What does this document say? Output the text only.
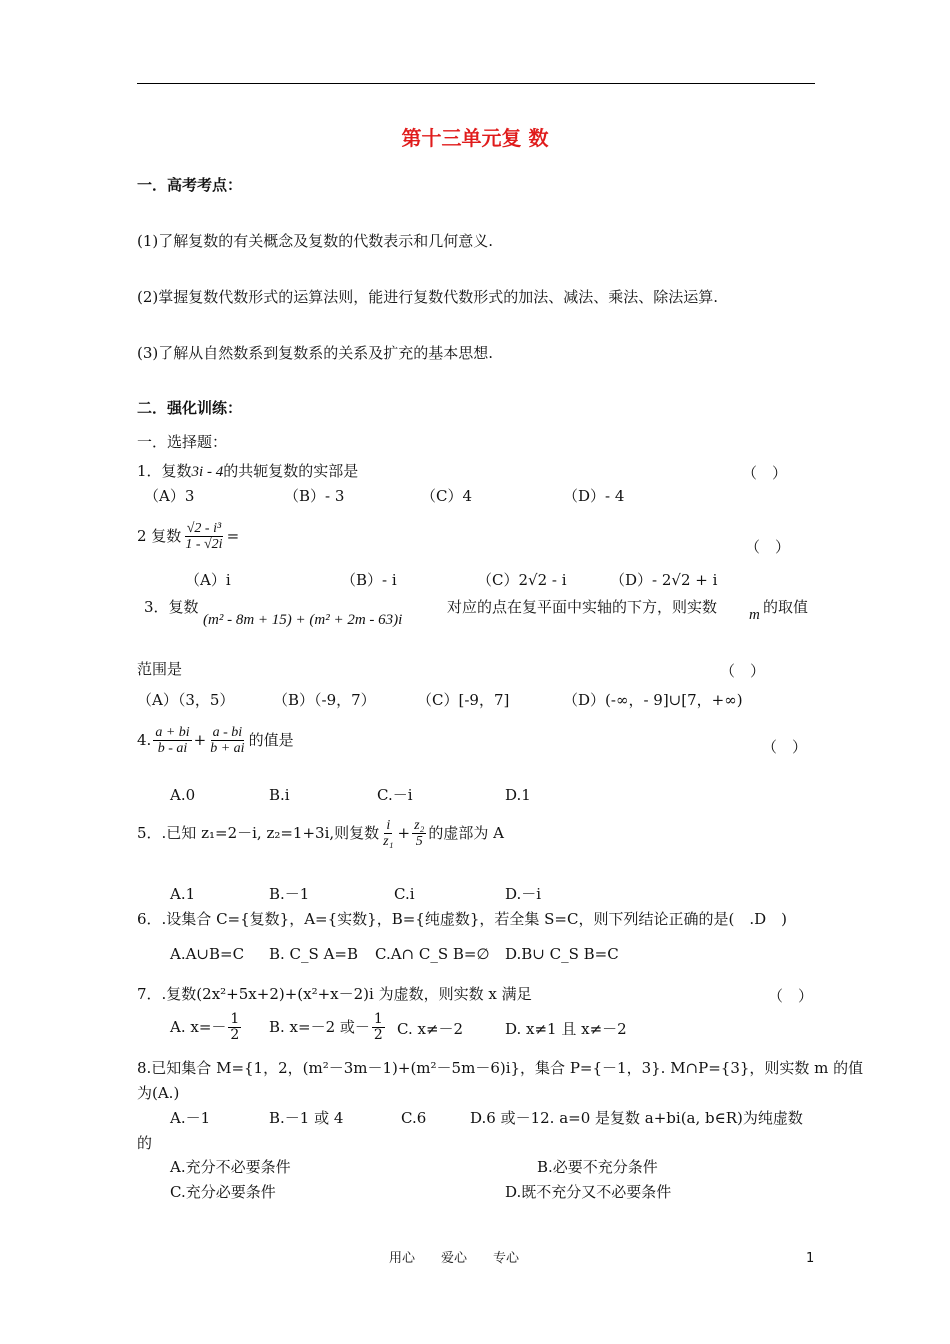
第十三单元复 数
一．高考考点：
(1)了解复数的有关概念及复数的代数表示和几何意义.
(2)掌握复数代数形式的运算法则，能进行复数代数形式的加法、减法、乘法、除法运算.
(3)了解从自然数系到复数系的关系及扩充的基本思想.
二．强化训练：
一．选择题：
1．复数3i - 4的共轭复数的实部是	（　）
（A）3	（B）- 3	（C）4	（D）- 4
2 复数 $\frac{\text{√2 - i³}}{1 - √2i}$ =
（　）
（A）i	（B）- i	（C）2√2 - i	（D）- 2√2 + i
3．复数
(m² - 8m + 15) + (m² + 2m - 63)i
对应的点在复平面中实轴的下方，则实数 m 的取值
范围是	（　）
（A）（3，5）	（B）（-9，7）	（C）[-9，7]	（D）(-∞，- 9]∪[7，+∞)
4. $\frac{a + bi}{b - ai} + \frac{a - bi}{b + ai}$ 的值是	（　）
A.0	B.i	C.－i	D.1
5．.已知 z₁=2－i, z₂=1+3i,则复数 $\frac{i}{\text{z₁}} + \frac{\text{z₂}}{5}$ 的虚部为 A
A.1	B.－1	C.i	D.－i
6．.设集合 C={复数}，A={实数}，B={纯虚数}，若全集 S=C，则下列结论正确的是(　.D　)
A.A∪B=C B. C_S A=B C.A∩ C_S B=∅ D.B∪ C_S B=C
7．.复数(2x²+5x+2)+(x²+x－2)i 为虚数，则实数 x 满足	（　）
A. $x=- \frac{1}{2} B$. x=－2 或－ $\frac{1}{2} C$. x≠－2	D. x≠1 且 x≠－2
8.已知集合 M={1，2，(m²－3m－1)+(m²－5m－6)i}，集合 P={－1，3}. M∩P={3}，则实数 m 的值
为(A.)
A.－1	B.－1 或 4	C.6	D.6 或－12. a=0 是复数 a+bi(a, b∈R)为纯虚数
的
A.充分不必要条件	B.必要不充分条件
C.充分必要条件	D.既不充分又不必要条件
用心　　爱心　　专心	1
